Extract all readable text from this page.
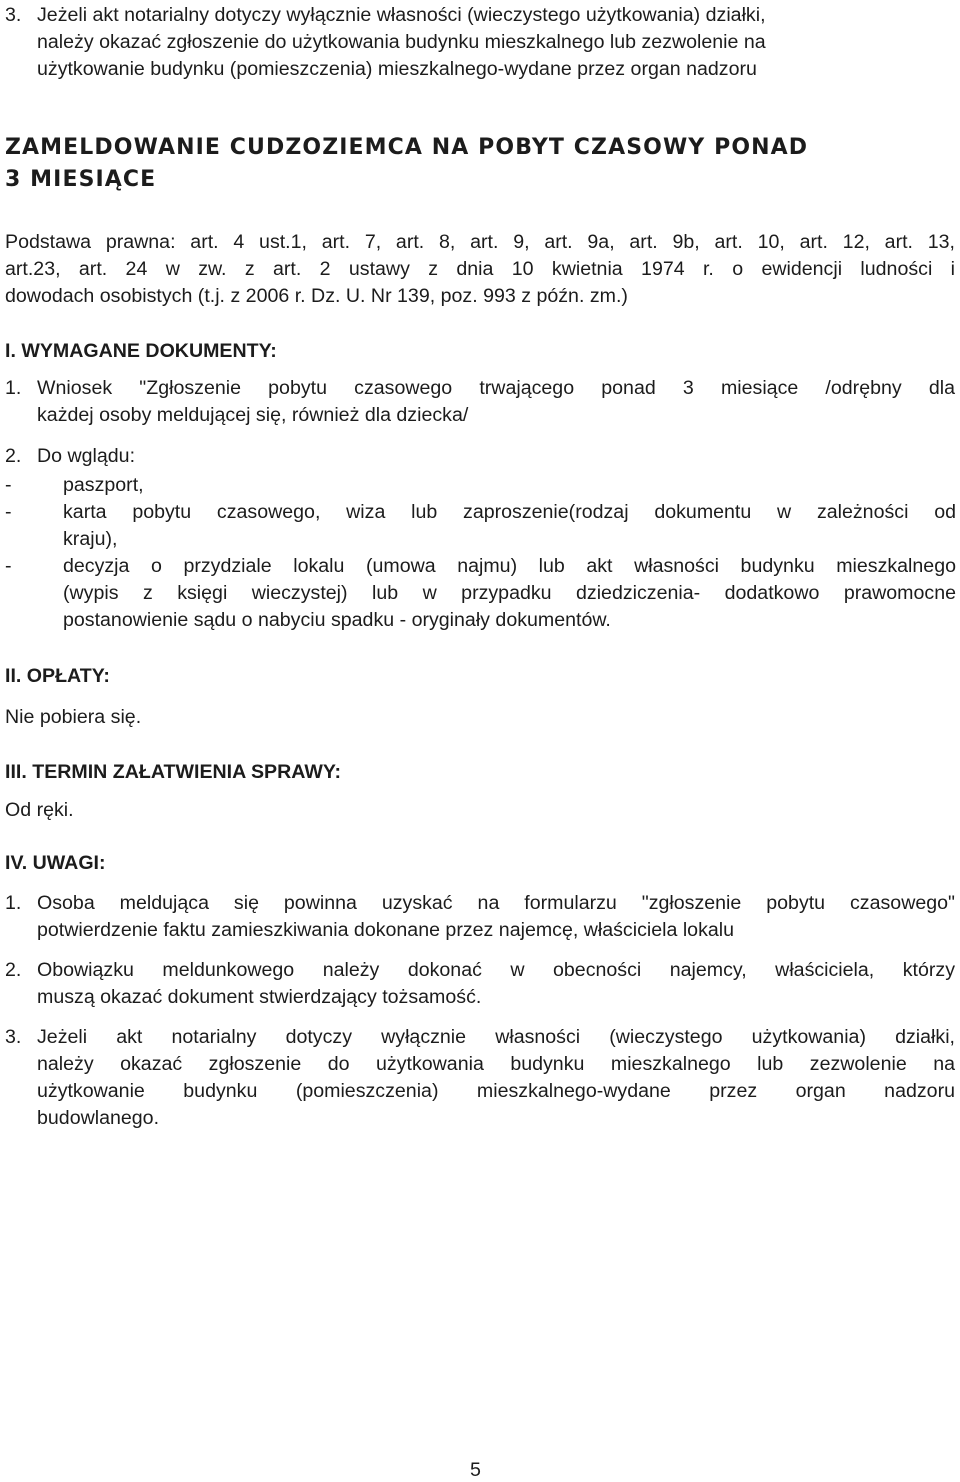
3. Jeżeli akt notarialny dotyczy wyłącznie własności (wieczystego użytkowania) działki,
należy okazać zgłoszenie do użytkowania budynku mieszkalnego lub zezwolenie na
użytkowanie budynku (pomieszczenia) mieszkalnego-wydane przez organ nadzoru
ZAMELDOWANIE CUDZOZIEMCA NA POBYT CZASOWY PONAD
3 MIESIĄCE
Podstawa prawna: art. 4 ust.1, art. 7, art. 8, art. 9, art. 9a, art. 9b, art. 10, art. 12, art. 13,
art.23, art. 24 w zw. z art. 2 ustawy z dnia 10 kwietnia 1974 r. o ewidencji ludności i
dowodach osobistych (t.j. z 2006 r. Dz. U. Nr 139, poz. 993 z późn. zm.)
I. WYMAGANE DOKUMENTY:
1. Wniosek "Zgłoszenie pobytu czasowego trwającego ponad 3 miesiące /odrębny dla
każdej osoby meldującej się, również dla dziecka/
2. Do wglądu:
-	paszport,
-	karta pobytu czasowego, wiza lub zaproszenie(rodzaj dokumentu w zależności od
kraju),
-	decyzja o przydziale lokalu (umowa najmu) lub akt własności budynku mieszkalnego
(wypis z księgi wieczystej) lub w przypadku dziedziczenia- dodatkowo prawomocne
postanowienie sądu o nabyciu spadku - oryginały dokumentów.
II. OPŁATY:
Nie pobiera się.
III. TERMIN ZAŁATWIENIA SPRAWY:
Od ręki.
IV. UWAGI:
1. Osoba meldująca się powinna uzyskać na formularzu "zgłoszenie pobytu czasowego"
potwierdzenie faktu zamieszkiwania dokonane przez najemcę, właściciela lokalu
2. Obowiązku meldunkowego należy dokonać w obecności najemcy, właściciela, którzy
muszą okazać dokument stwierdzający tożsamość.
3. Jeżeli akt notarialny dotyczy wyłącznie własności (wieczystego użytkowania) działki,
należy okazać zgłoszenie do użytkowania budynku mieszkalnego lub zezwolenie na
użytkowanie budynku (pomieszczenia) mieszkalnego-wydane przez organ nadzoru
budowlanego.
5
